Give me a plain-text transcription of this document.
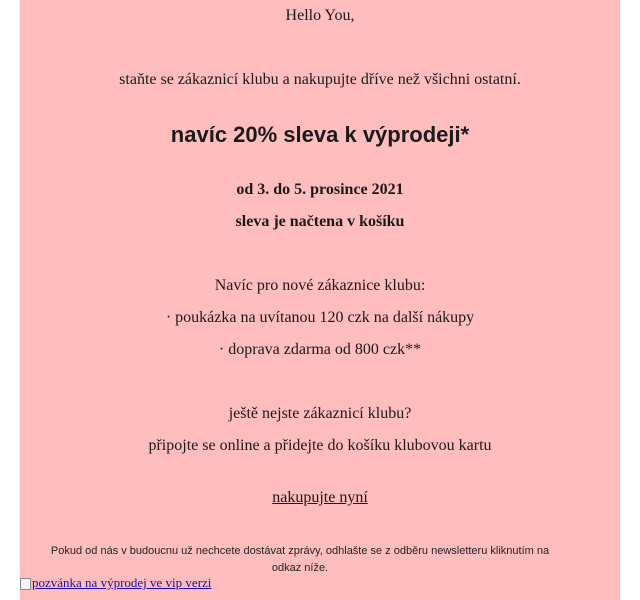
Hello You,
staňte se zákaznicí klubu a nakupujte dříve než všichni ostatní.
navíc 20% sleva k výprodeji*
od 3. do 5. prosince 2021
sleva je načtena v košíku
Navíc pro nové zákaznice klubu:
· poukázka na uvítanou 120 czk na další nákupy
· doprava zdarma od 800 czk**
ještě nejste zákaznicí klubu?
připojte se online a přidejte do košíku klubovou kartu
nakupujte nyní
Pokud od nás v budoucnu už nechcete dostávat zprávy, odhlašte se z odběru newsletteru kliknutím na odkaz níže.
pozvánka na výprodej ve vip verzi
